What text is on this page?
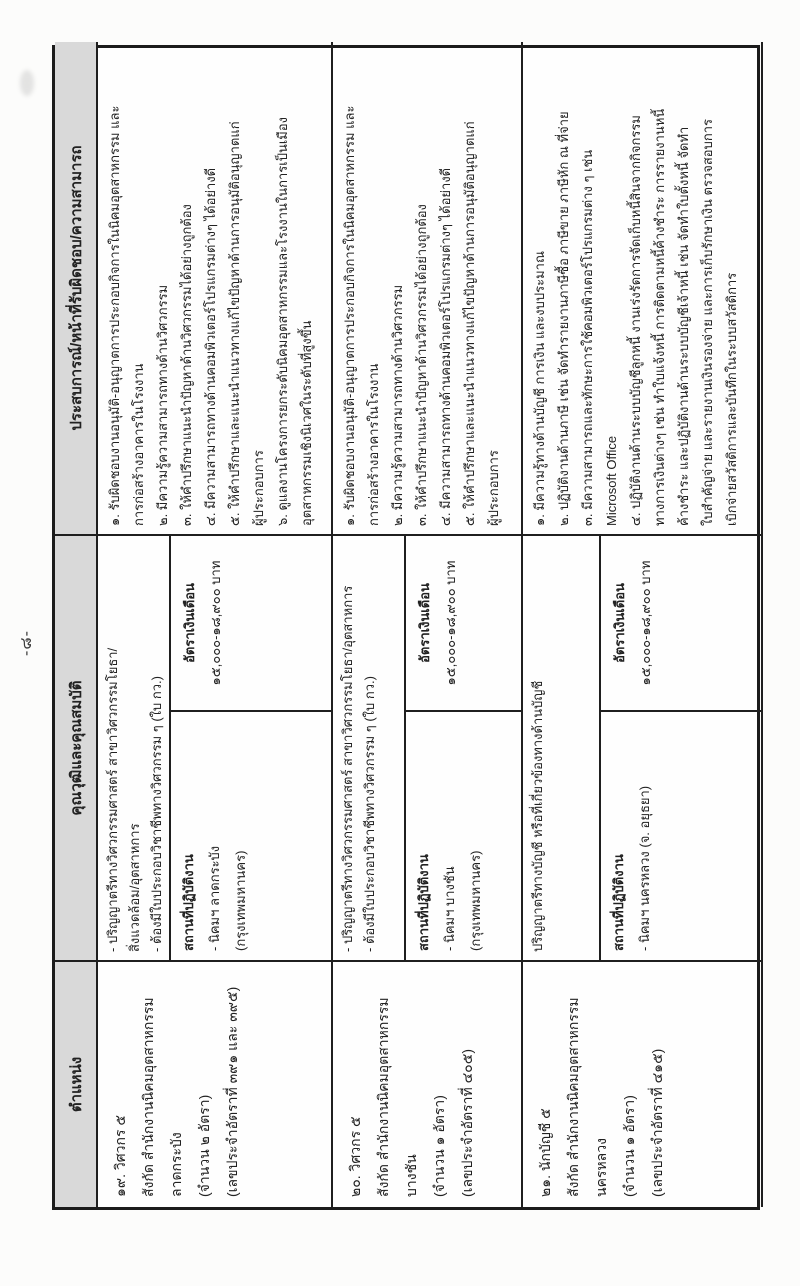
-๘-
ตำแหน่ง
คุณวุฒิและคุณสมบัติ
ประสบการณ์/หน้าที่รับผิดชอบ/ความสามารถ
๑๙. วิศวกร ๕ สังกัด สำนักงานนิคมอุตสาหกรรม ลาดกระบัง (จำนวน ๒ อัตรา) (เลขประจำอัตราที่ ๓๙๑ และ ๓๙๕)
- ปริญญาตรีทางวิศวกรรมศาสตร์ สาขาวิศวกรรมโยธา/ สิ่งแวดล้อม/อุตสาหการ - ต้องมีใบประกอบวิชาชีพทางวิศวกรรม ๆ (ใบ กว.)	สถานที่ปฏิบัติงาน - นิคมฯ ลาดกระบัง (กรุงเทพมหานคร)
อัตราเงินเดือน ๑๕,๐๐๐-๑๘,๙๐๐ บาท
๑. รับผิดชอบงานอนุมัติ-อนุญาตการประกอบกิจการในนิคมอุตสาหกรรม และ การก่อสร้างอาคารในโรงงาน ๒. มีความรู้ความสามารถทางด้านวิศวกรรม ๓. ให้คำปรึกษาแนะนำปัญหาด้านวิศวกรรมได้อย่างถูกต้อง ๔. มีความสามารถทางด้านคอมพิวเตอร์โปรแกรมต่างๆ ได้อย่างดี ๕. ให้คำปรึกษาและแนะนำแนวทางแก้ไขปัญหาด้านการอนุมัติอนุญาตแก่ ผู้ประกอบการ ๖. ดูแลงานโครงการยกระดับนิคมอุตสาหกรรมและโรงงานในการเป็นเมือง อุตสาหกรรมเชิงนิเวศในระดับที่สูงขึ้น
๒๐. วิศวกร ๕ สังกัด สำนักงานนิคมอุตสาหกรรม บางชัน (จำนวน ๑ อัตรา) (เลขประจำอัตราที่ ๔๐๕)
- ปริญญาตรีทางวิศวกรรมศาสตร์ สาขาวิศวกรรมโยธา/อุตสาหการ - ต้องมีใบประกอบวิชาชีพทางวิศวกรรม ๆ (ใบ กว.)	สถานที่ปฏิบัติงาน - นิคมฯ บางชัน (กรุงเทพมหานคร)
อัตราเงินเดือน ๑๕,๐๐๐-๑๘,๙๐๐ บาท
๑. รับผิดชอบงานอนุมัติ-อนุญาตการประกอบกิจการในนิคมอุตสาหกรรม และ การก่อสร้างอาคารในโรงงาน ๒. มีความรู้ความสามารถทางด้านวิศวกรรม ๓. ให้คำปรึกษาแนะนำปัญหาด้านวิศวกรรมได้อย่างถูกต้อง ๔. มีความสามารถทางด้านคอมพิวเตอร์โปรแกรมต่างๆ ได้อย่างดี ๕. ให้คำปรึกษาและแนะนำแนวทางแก้ไขปัญหาด้านการอนุมัติอนุญาตแก่ ผู้ประกอบการ
๒๑. นักบัญชี ๕ สังกัด สำนักงานนิคมอุตสาหกรรม นครหลวง (จำนวน ๑ อัตรา) (เลขประจำอัตราที่ ๔๑๕)
ปริญญาตรีทางบัญชี หรือที่เกี่ยวข้องทางด้านบัญชี	สถานที่ปฏิบัติงาน - นิคมฯ นครหลวง (จ. อยุธยา)
อัตราเงินเดือน ๑๕,๐๐๐-๑๘,๙๐๐ บาท
๑. มีความรู้ทางด้านบัญชี การเงิน และงบประมาณ ๒. ปฏิบัติงานด้านภาษี เช่น จัดทำรายงานภาษีซื้อ ภาษีขาย ภาษีหัก ณ ที่จ่าย ๓. มีความสามารถและทักษะการใช้คอมพิวเตอร์โปรแกรมต่าง ๆ เช่น Microsoft Office ๔. ปฏิบัติงานด้านระบบบัญชีลูกหนี้ งานเร่งรัดการจัดเก็บหนี้สินจากกิจกรรม ทางการเงินต่างๆ เช่น ทำใบแจ้งหนี้ การติดตามหนี้ค้างชำระ การรายงานหนี้ ค้างชำระ และปฏิบัติงานด้านระบบบัญชีเจ้าหนี้ เช่น จัดทำใบตั้งหนี้ จัดทำ ใบสำคัญจ่าย และรายงานเงินรองจ่าย และการเก็บรักษาเงิน ตรวจสอบการ เบิกจ่ายสวัสดิการและบันทึกในระบบสวัสดิการ
